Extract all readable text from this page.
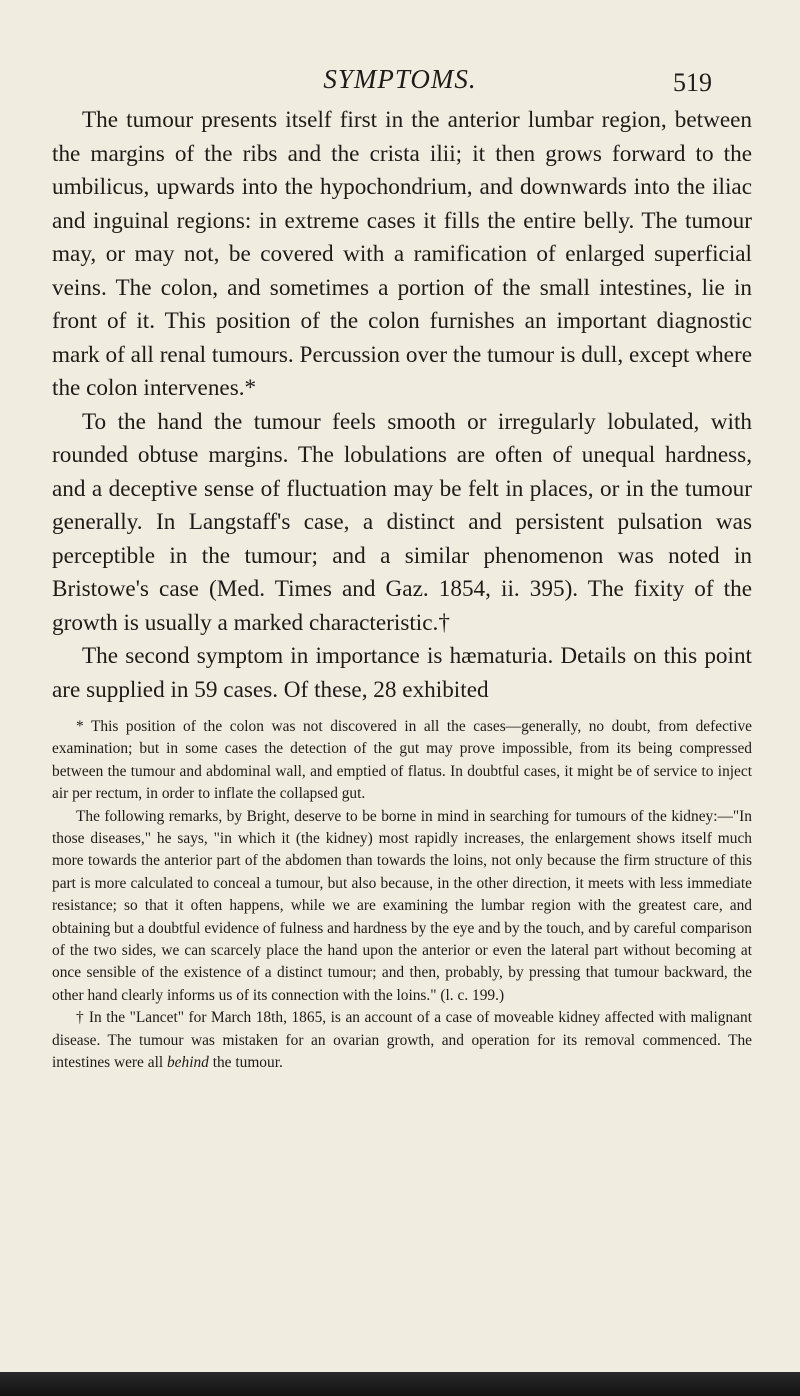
SYMPTOMS.	519

The tumour presents itself first in the anterior lumbar region, between the margins of the ribs and the crista ilii; it then grows forward to the umbilicus, upwards into the hypochondrium, and downwards into the iliac and inguinal regions: in extreme cases it fills the entire belly. The tumour may, or may not, be covered with a ramification of enlarged superficial veins. The colon, and sometimes a portion of the small intestines, lie in front of it. This position of the colon furnishes an important diagnostic mark of all renal tumours. Percussion over the tumour is dull, except where the colon intervenes.*

To the hand the tumour feels smooth or irregularly lobulated, with rounded obtuse margins. The lobulations are often of unequal hardness, and a deceptive sense of fluctuation may be felt in places, or in the tumour generally. In Langstaff's case, a distinct and persistent pulsation was perceptible in the tumour; and a similar phenomenon was noted in Bristowe's case (Med. Times and Gaz. 1854, ii. 395). The fixity of the growth is usually a marked characteristic.†

The second symptom in importance is hæmaturia. Details on this point are supplied in 59 cases. Of these, 28 exhibited

* This position of the colon was not discovered in all the cases—generally, no doubt, from defective examination; but in some cases the detection of the gut may prove impossible, from its being compressed between the tumour and abdominal wall, and emptied of flatus. In doubtful cases, it might be of service to inject air per rectum, in order to inflate the collapsed gut.

The following remarks, by Bright, deserve to be borne in mind in searching for tumours of the kidney:—"In those diseases," he says, "in which it (the kidney) most rapidly increases, the enlargement shows itself much more towards the anterior part of the abdomen than towards the loins, not only because the firm structure of this part is more calculated to conceal a tumour, but also because, in the other direction, it meets with less immediate resistance; so that it often happens, while we are examining the lumbar region with the greatest care, and obtaining but a doubtful evidence of fulness and hardness by the eye and by the touch, and by careful comparison of the two sides, we can scarcely place the hand upon the anterior or even the lateral part without becoming at once sensible of the existence of a distinct tumour; and then, probably, by pressing that tumour backward, the other hand clearly informs us of its connection with the loins." (l. c. 199.)

† In the "Lancet" for March 18th, 1865, is an account of a case of moveable kidney affected with malignant disease. The tumour was mistaken for an ovarian growth, and operation for its removal commenced. The intestines were all behind the tumour.
